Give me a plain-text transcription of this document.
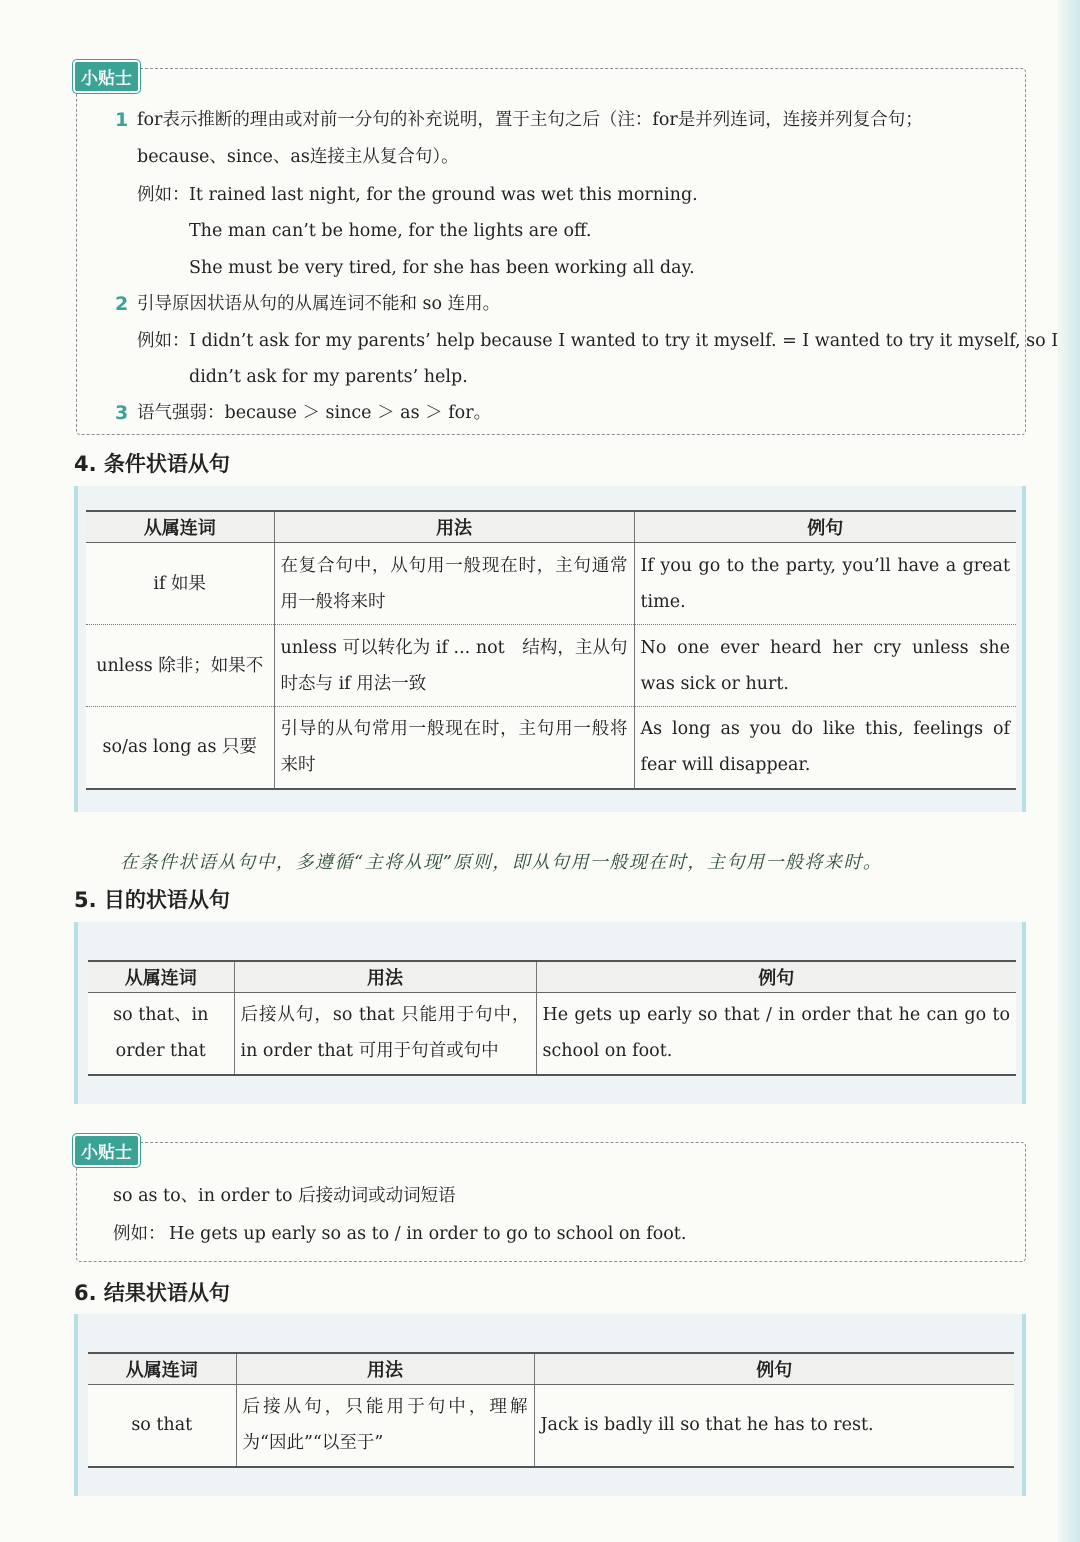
小贴士
1 for表示推断的理由或对前一分句的补充说明，置于主句之后（注：for是并列连词，连接并列复合句；
because、since、as连接主从复合句）。
例如： It rained last night, for the ground was wet this morning.
The man can’t be home, for the lights are off.
She must be very tired, for she has been working all day.
2 引导原因状语从句的从属连词不能和 so 连用。
例如： I didn’t ask for my parents’ help because I wanted to try it myself. = I wanted to try it myself, so I
didn’t ask for my parents’ help.
3 语气强弱：because ＞ since ＞ as ＞ for。
4. 条件状语从句
从属连词	用法	例句
if 如果	在复合句中，从句用一般现在时，主句通常用一般将来时	If you go to the party, you’ll have a great time.
unless 除非；如果不	unless 可以转化为 if ... not　结构，主从句时态与 if 用法一致	No one ever heard her cry unless she was sick or hurt.
so/as long as 只要	引导的从句常用一般现在时，主句用一般将来时	As long as you do like this, feelings of fear will disappear.
在条件状语从句中，多遵循“主将从现”原则，即从句用一般现在时，主句用一般将来时。
5. 目的状语从句
从属连词	用法	例句
so that、in order that	后接从句，so that 只能用于句中，in order that 可用于句首或句中	He gets up early so that / in order that he can go to school on foot.
小贴士
so as to、in order to 后接动词或动词短语
例如： He gets up early so as to / in order to go to school on foot.
6. 结果状语从句
从属连词	用法	例句
so that	后接从句，只能用于句中，理解为“因此”“以至于”	Jack is badly ill so that he has to rest.
